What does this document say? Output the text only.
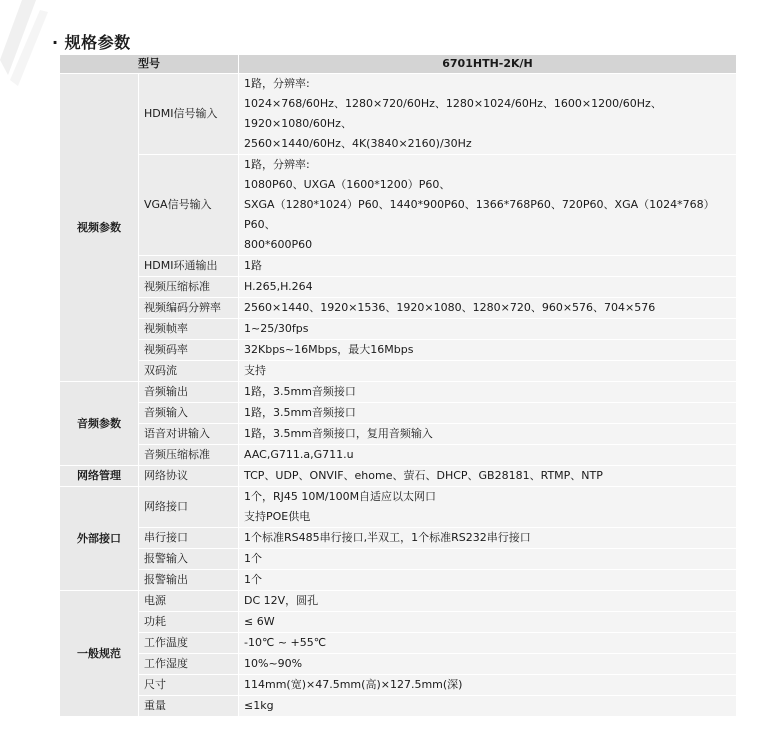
· 规格参数
型号		6701HTH-2K/H
视频参数	HDMI信号输入	1路，分辨率:
1024×768/60Hz、1280×720/60Hz、1280×1024/60Hz、1600×1200/60Hz、1920×1080/60Hz、
2560×1440/60Hz、4K(3840×2160)/30Hz

	VGA信号输入	1路，分辨率:
1080P60、UXGA（1600*1200）P60、
SXGA（1280*1024）P60、1440*900P60、1366*768P60、720P60、XGA（1024*768）P60、
800*600P60

	HDMI环通输出	1路

	视频压缩标准	H.265,H.264

	视频编码分辨率	2560×1440、1920×1536、1920×1080、1280×720、960×576、704×576

	视频帧率	1~25/30fps

	视频码率	32Kbps~16Mbps，最大16Mbps

	双码流	支持

音频参数	音频输出	1路，3.5mm音频接口

	音频输入	1路，3.5mm音频接口

	语音对讲输入	1路，3.5mm音频接口，复用音频输入

	音频压缩标准	AAC,G711.a,G711.u

网络管理	网络协议	TCP、UDP、ONVIF、ehome、萤石、DHCP、GB28181、RTMP、NTP

外部接口	网络接口	1个，RJ45 10M/100M自适应以太网口
支持POE供电

	串行接口	1个标准RS485串行接口,半双工，1个标准RS232串行接口

	报警输入	1个

	报警输出	1个

一般规范	电源	DC 12V，圆孔

	功耗	≤ 6W

	工作温度	-10℃ ~ +55℃

	工作湿度	10%~90%

	尺寸	114mm(宽)×47.5mm(高)×127.5mm(深)

	重量	≤1kg
